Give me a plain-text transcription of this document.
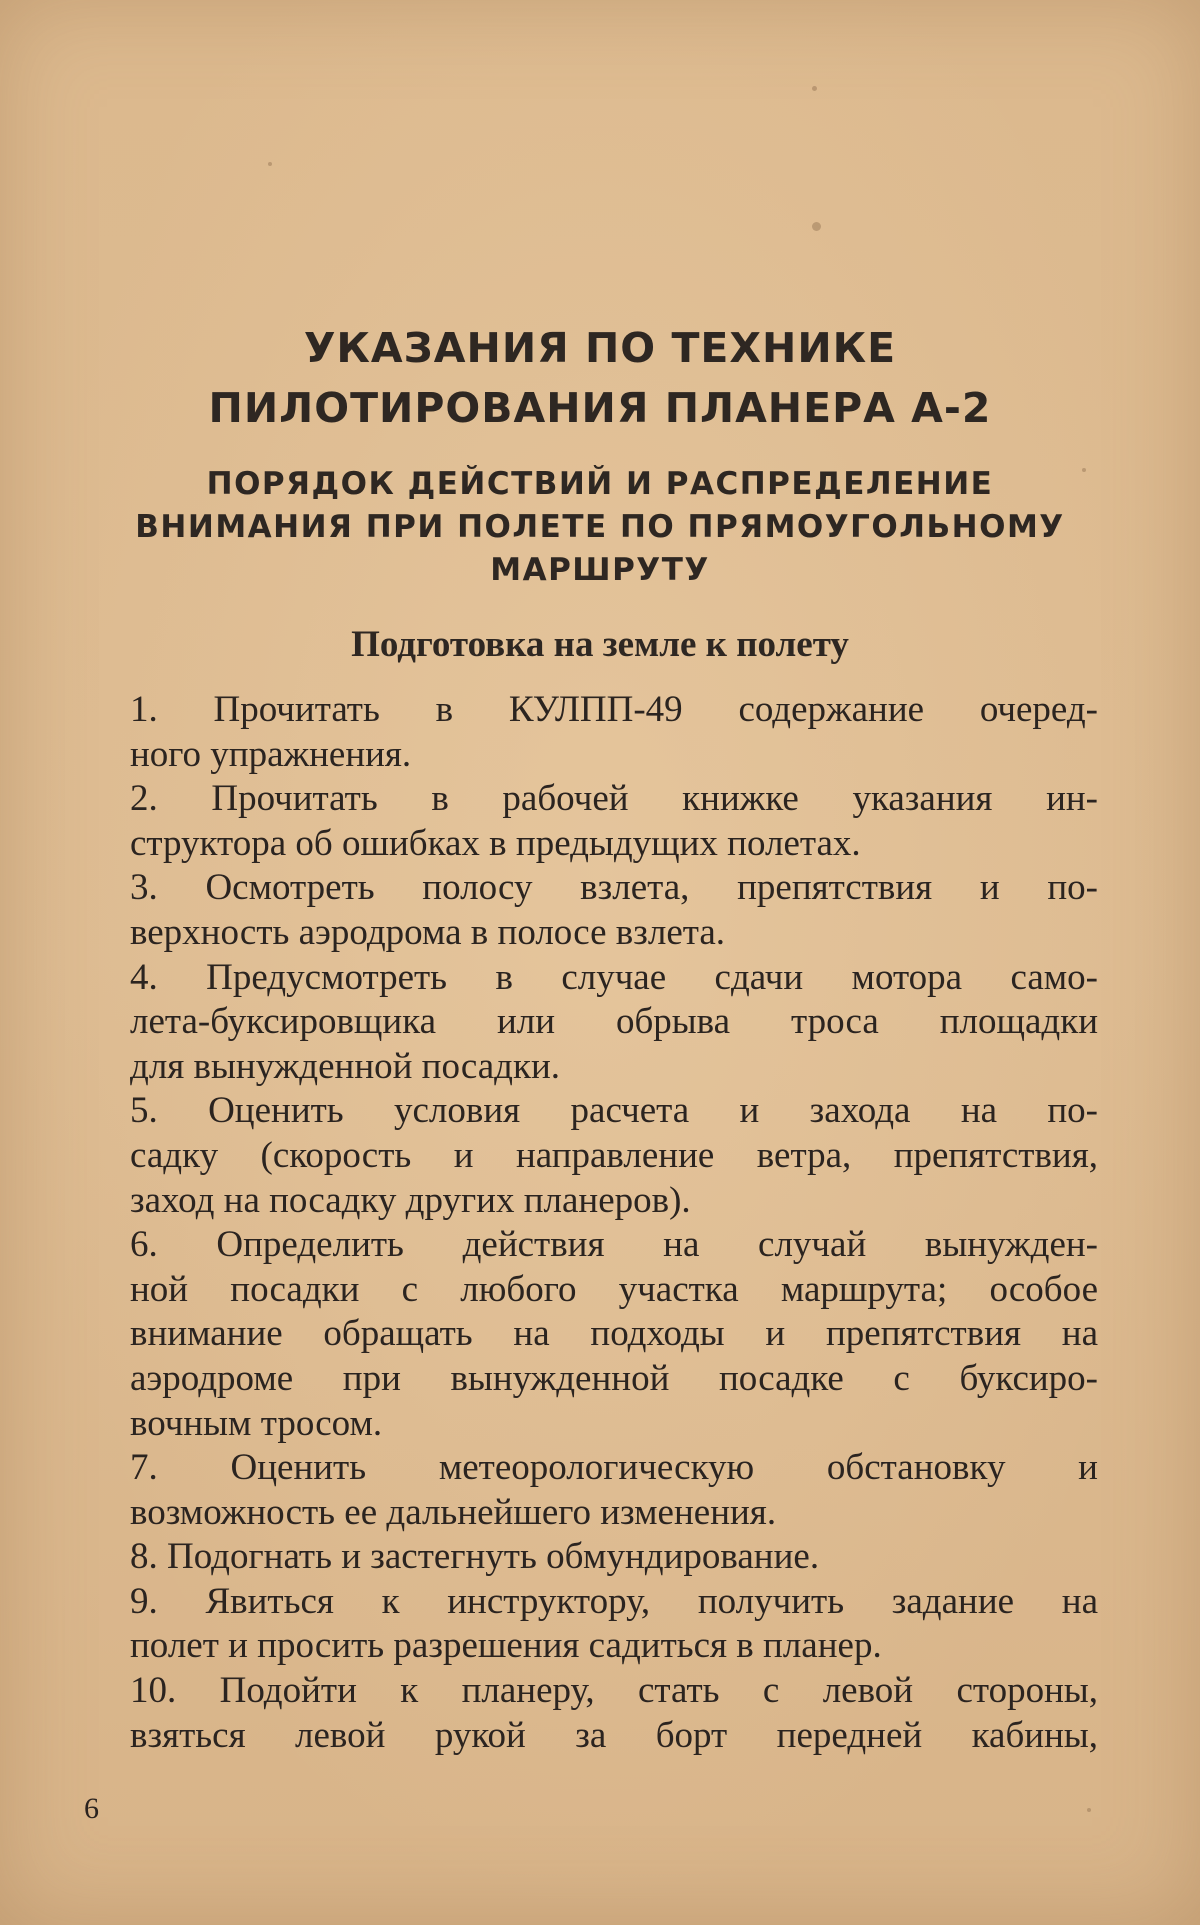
УКАЗАНИЯ ПО ТЕХНИКЕ
ПИЛОТИРОВАНИЯ ПЛАНЕРА А-2
ПОРЯДОК ДЕЙСТВИЙ И РАСПРЕДЕЛЕНИЕ
ВНИМАНИЯ ПРИ ПОЛЕТЕ ПО ПРЯМОУГОЛЬНОМУ
МАРШРУТУ
Подготовка на земле к полету
1. Прочитать в КУЛПП-49 содержание очеред-
ного упражнения.
2. Прочитать в рабочей книжке указания ин-
структора об ошибках в предыдущих полетах.
3. Осмотреть полосу взлета, препятствия и по-
верхность аэродрома в полосе взлета.
4. Предусмотреть в случае сдачи мотора само-
лета-буксировщика или обрыва троса площадки
для вынужденной посадки.
5. Оценить условия расчета и захода на по-
садку (скорость и направление ветра, препятствия,
заход на посадку других планеров).
6. Определить действия на случай вынужден-
ной посадки с любого участка маршрута; особое
внимание обращать на подходы и препятствия на
аэродроме при вынужденной посадке с буксиро-
вочным тросом.
7. Оценить метеорологическую обстановку и
возможность ее дальнейшего изменения.
8. Подогнать и застегнуть обмундирование.
9. Явиться к инструктору, получить задание на
полет и просить разрешения садиться в планер.
10. Подойти к планеру, стать с левой стороны,
взяться левой рукой за борт передней кабины,
6
